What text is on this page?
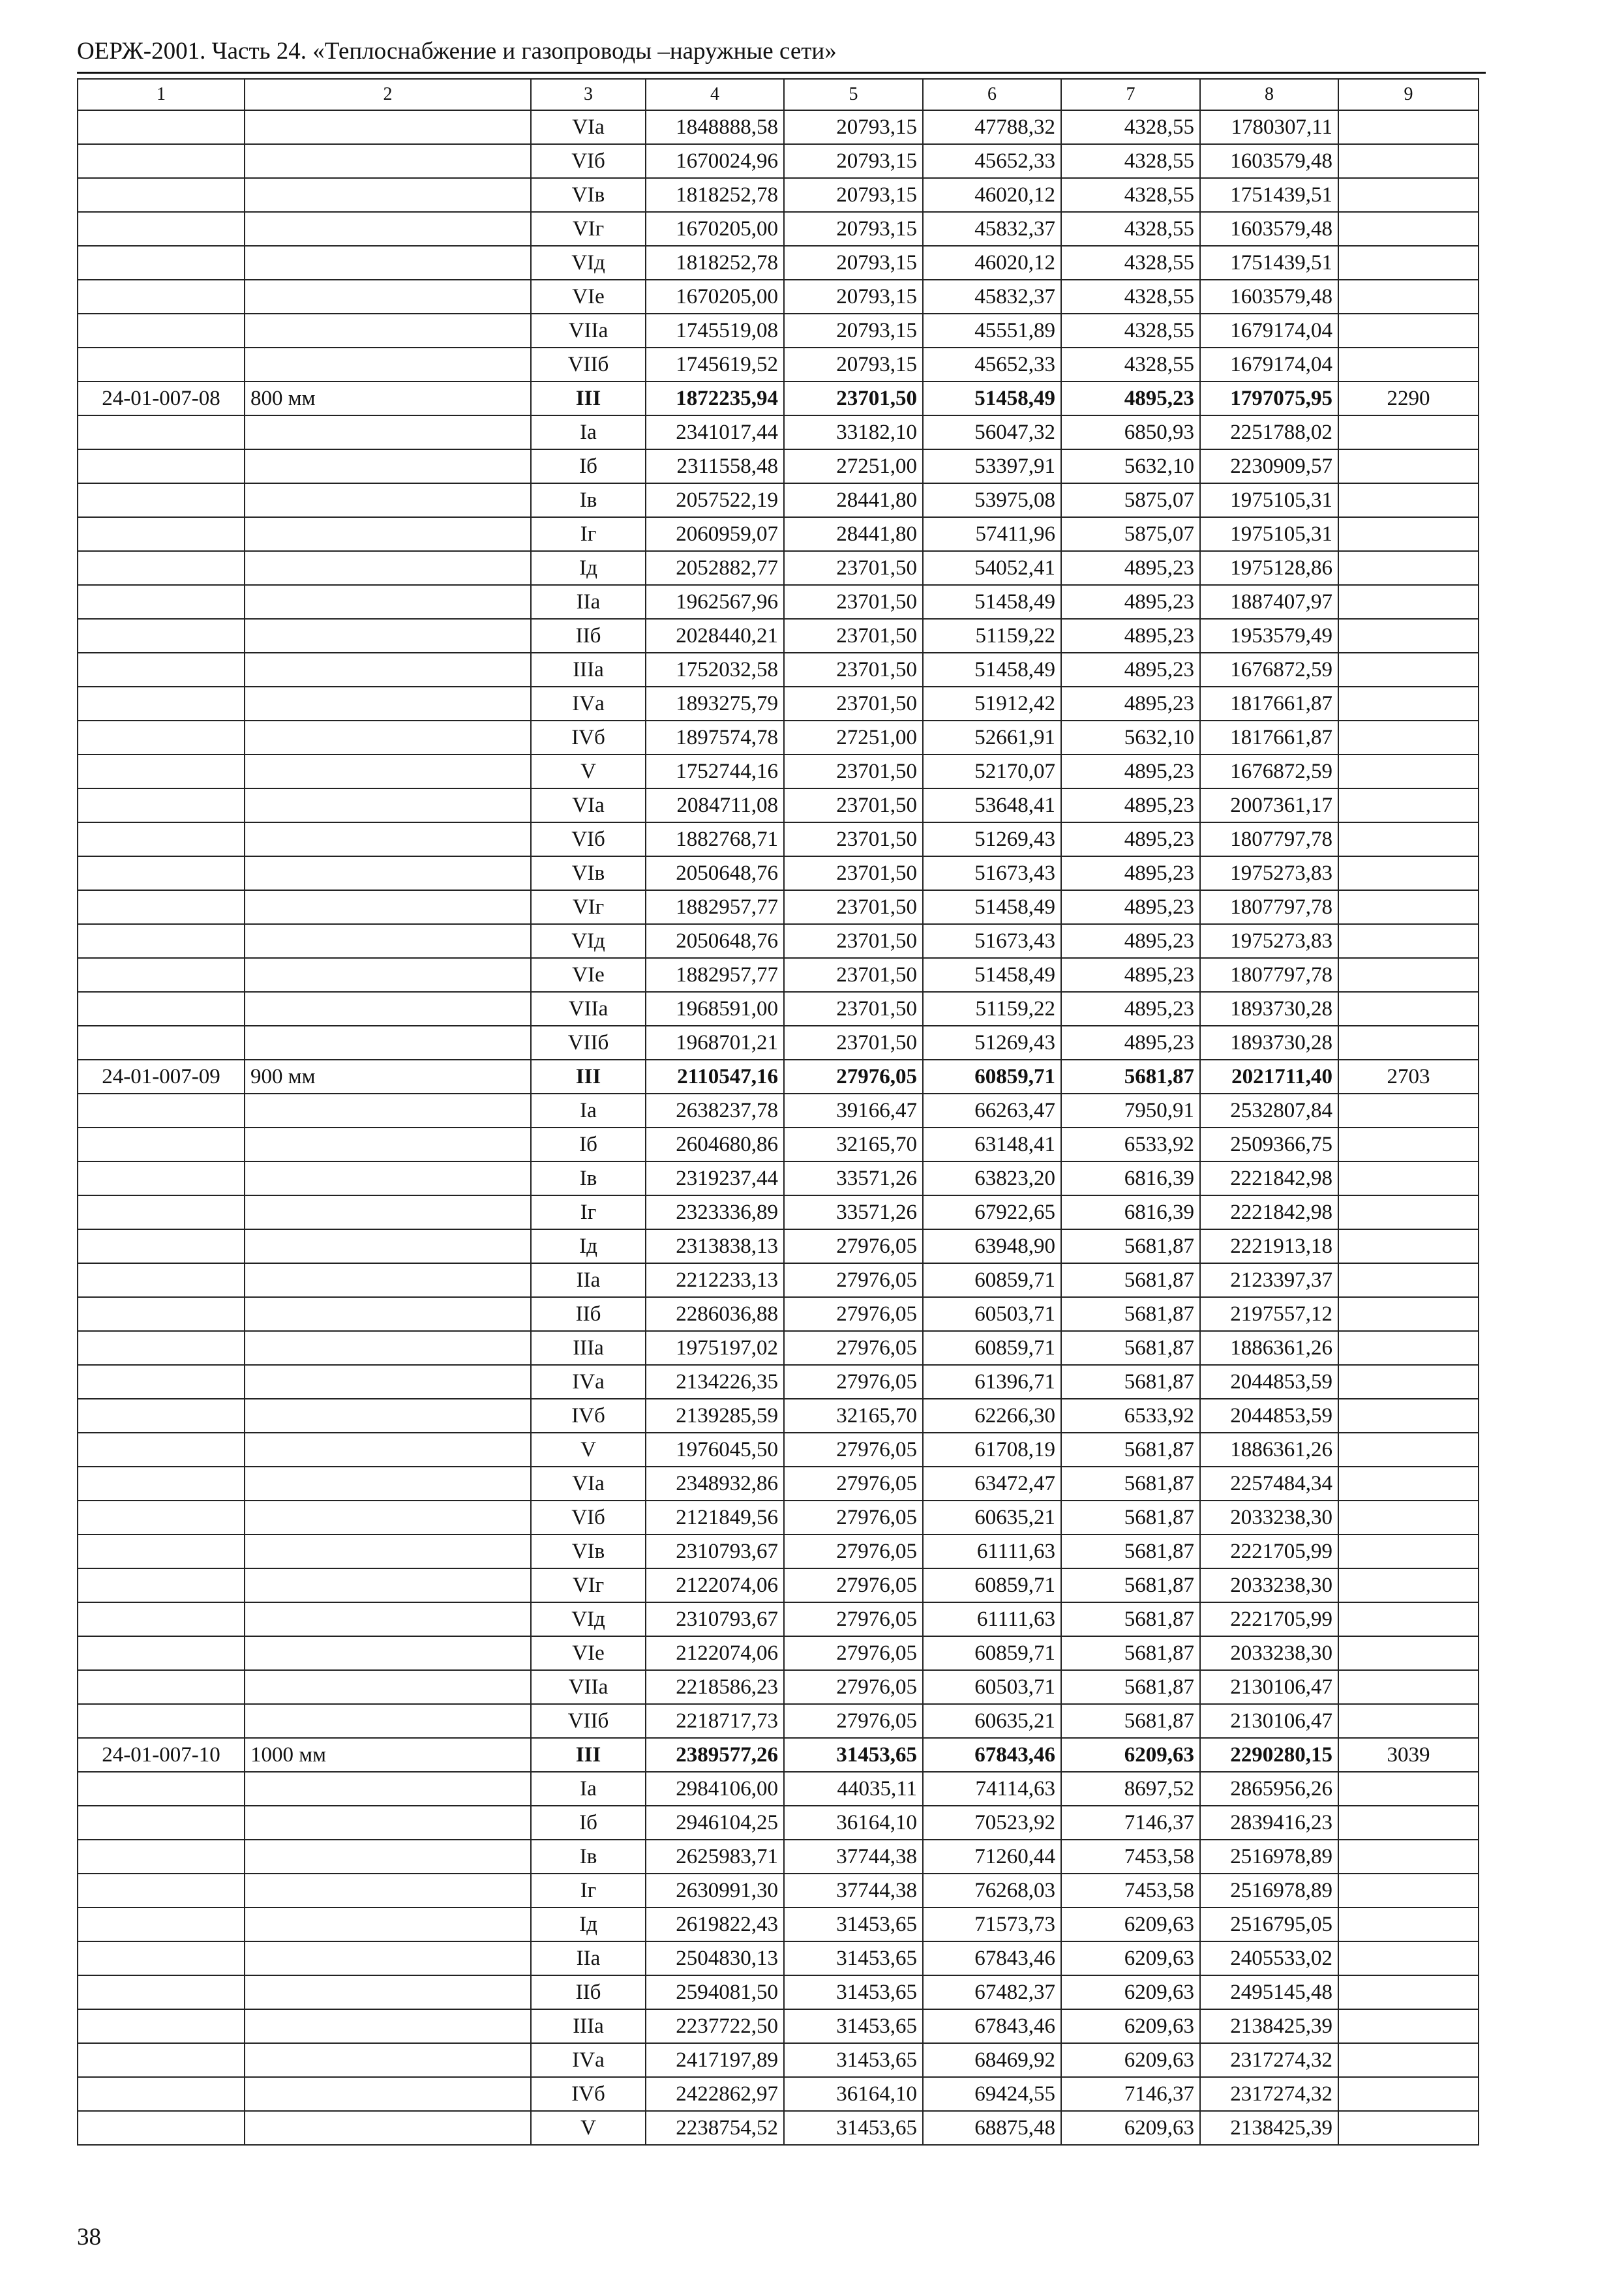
ОЕРЖ-2001. Часть 24. «Теплоснабжение и газопроводы –наружные сети»
1	2	3	4	5	6	7	8	9
		VIа	1848888,58	20793,15	47788,32	4328,55	1780307,11	
		VIб	1670024,96	20793,15	45652,33	4328,55	1603579,48	
		VIв	1818252,78	20793,15	46020,12	4328,55	1751439,51	
		VIг	1670205,00	20793,15	45832,37	4328,55	1603579,48	
		VIд	1818252,78	20793,15	46020,12	4328,55	1751439,51	
		VIе	1670205,00	20793,15	45832,37	4328,55	1603579,48	
		VIIа	1745519,08	20793,15	45551,89	4328,55	1679174,04	
		VIIб	1745619,52	20793,15	45652,33	4328,55	1679174,04	
24-01-007-08	800 мм	III	1872235,94	23701,50	51458,49	4895,23	1797075,95	2290
		Iа	2341017,44	33182,10	56047,32	6850,93	2251788,02	
		Iб	2311558,48	27251,00	53397,91	5632,10	2230909,57	
		Iв	2057522,19	28441,80	53975,08	5875,07	1975105,31	
		Iг	2060959,07	28441,80	57411,96	5875,07	1975105,31	
		Iд	2052882,77	23701,50	54052,41	4895,23	1975128,86	
		IIа	1962567,96	23701,50	51458,49	4895,23	1887407,97	
		IIб	2028440,21	23701,50	51159,22	4895,23	1953579,49	
		IIIа	1752032,58	23701,50	51458,49	4895,23	1676872,59	
		IVа	1893275,79	23701,50	51912,42	4895,23	1817661,87	
		IVб	1897574,78	27251,00	52661,91	5632,10	1817661,87	
		V	1752744,16	23701,50	52170,07	4895,23	1676872,59	
		VIа	2084711,08	23701,50	53648,41	4895,23	2007361,17	
		VIб	1882768,71	23701,50	51269,43	4895,23	1807797,78	
		VIв	2050648,76	23701,50	51673,43	4895,23	1975273,83	
		VIг	1882957,77	23701,50	51458,49	4895,23	1807797,78	
		VIд	2050648,76	23701,50	51673,43	4895,23	1975273,83	
		VIе	1882957,77	23701,50	51458,49	4895,23	1807797,78	
		VIIа	1968591,00	23701,50	51159,22	4895,23	1893730,28	
		VIIб	1968701,21	23701,50	51269,43	4895,23	1893730,28	
24-01-007-09	900 мм	III	2110547,16	27976,05	60859,71	5681,87	2021711,40	2703
		Iа	2638237,78	39166,47	66263,47	7950,91	2532807,84	
		Iб	2604680,86	32165,70	63148,41	6533,92	2509366,75	
		Iв	2319237,44	33571,26	63823,20	6816,39	2221842,98	
		Iг	2323336,89	33571,26	67922,65	6816,39	2221842,98	
		Iд	2313838,13	27976,05	63948,90	5681,87	2221913,18	
		IIа	2212233,13	27976,05	60859,71	5681,87	2123397,37	
		IIб	2286036,88	27976,05	60503,71	5681,87	2197557,12	
		IIIа	1975197,02	27976,05	60859,71	5681,87	1886361,26	
		IVа	2134226,35	27976,05	61396,71	5681,87	2044853,59	
		IVб	2139285,59	32165,70	62266,30	6533,92	2044853,59	
		V	1976045,50	27976,05	61708,19	5681,87	1886361,26	
		VIа	2348932,86	27976,05	63472,47	5681,87	2257484,34	
		VIб	2121849,56	27976,05	60635,21	5681,87	2033238,30	
		VIв	2310793,67	27976,05	61111,63	5681,87	2221705,99	
		VIг	2122074,06	27976,05	60859,71	5681,87	2033238,30	
		VIд	2310793,67	27976,05	61111,63	5681,87	2221705,99	
		VIе	2122074,06	27976,05	60859,71	5681,87	2033238,30	
		VIIа	2218586,23	27976,05	60503,71	5681,87	2130106,47	
		VIIб	2218717,73	27976,05	60635,21	5681,87	2130106,47	
24-01-007-10	1000 мм	III	2389577,26	31453,65	67843,46	6209,63	2290280,15	3039
		Iа	2984106,00	44035,11	74114,63	8697,52	2865956,26	
		Iб	2946104,25	36164,10	70523,92	7146,37	2839416,23	
		Iв	2625983,71	37744,38	71260,44	7453,58	2516978,89	
		Iг	2630991,30	37744,38	76268,03	7453,58	2516978,89	
		Iд	2619822,43	31453,65	71573,73	6209,63	2516795,05	
		IIа	2504830,13	31453,65	67843,46	6209,63	2405533,02	
		IIб	2594081,50	31453,65	67482,37	6209,63	2495145,48	
		IIIа	2237722,50	31453,65	67843,46	6209,63	2138425,39	
		IVа	2417197,89	31453,65	68469,92	6209,63	2317274,32	
		IVб	2422862,97	36164,10	69424,55	7146,37	2317274,32	
		V	2238754,52	31453,65	68875,48	6209,63	2138425,39	
38
